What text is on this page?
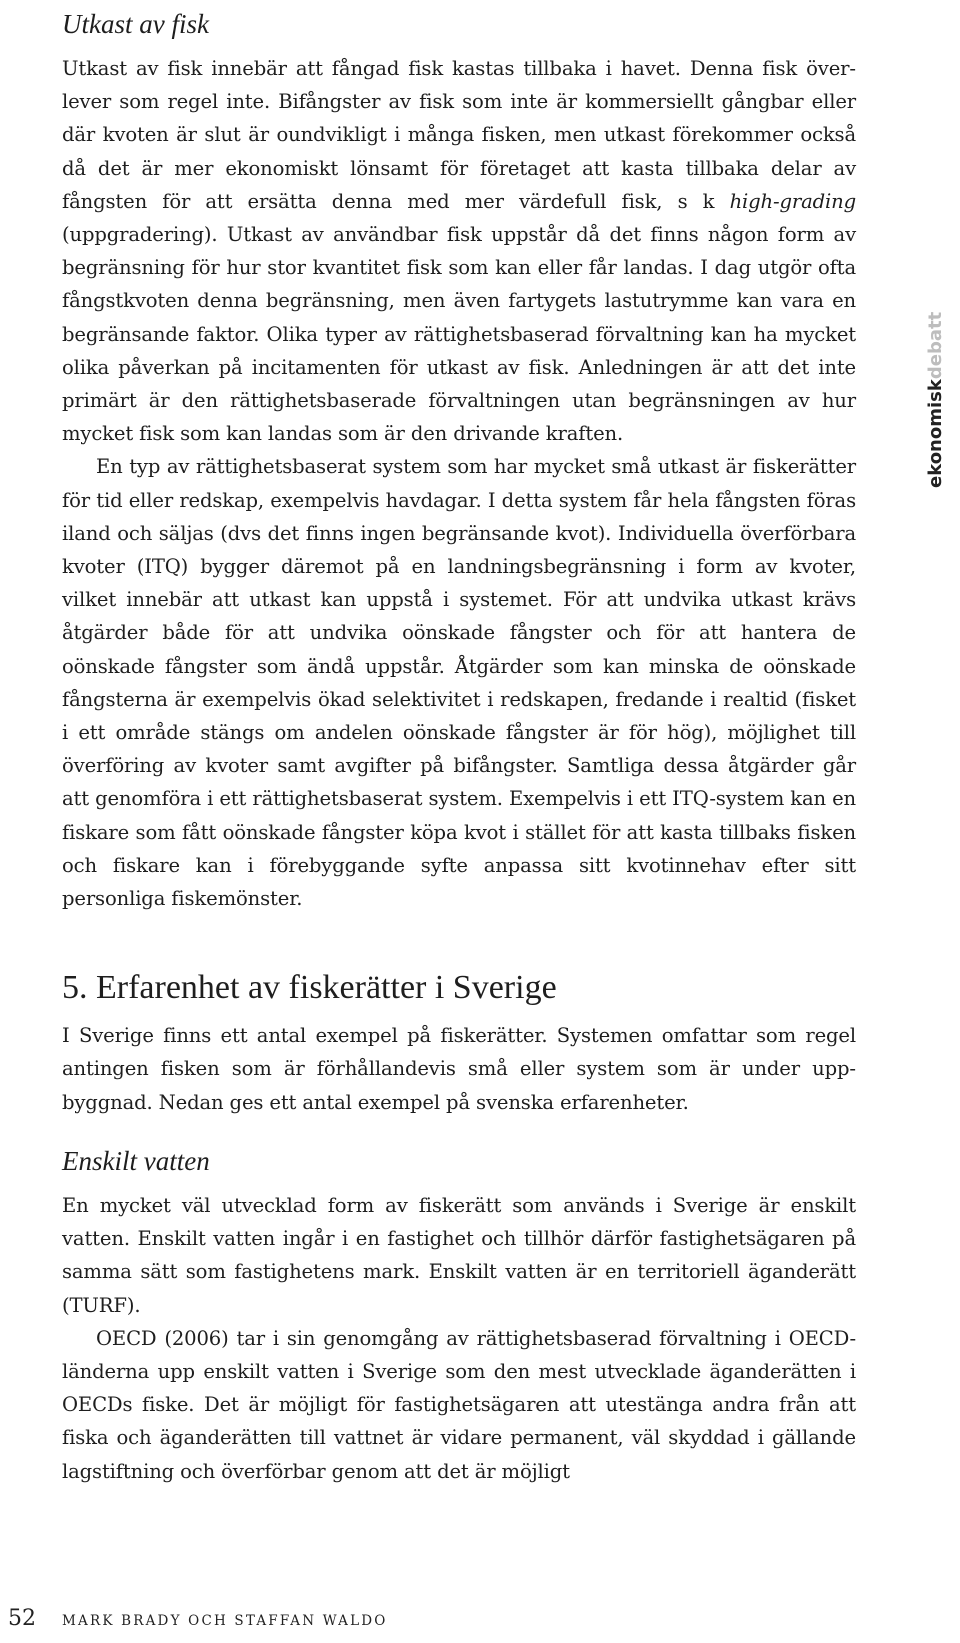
Utkast av fisk

Utkast av fisk innebär att fångad fisk kastas tillbaka i havet. Denna fisk överlever som regel inte. Bifångster av fisk som inte är kommersiellt gångbar eller där kvoten är slut är oundvikligt i många fisken, men utkast förekommer också då det är mer ekonomiskt lönsamt för företaget att kasta tillbaka delar av fångsten för att ersätta denna med mer värdefull fisk, s k high-grading (uppgradering). Utkast av användbar fisk uppstår då det finns någon form av begränsning för hur stor kvantitet fisk som kan eller får landas. I dag utgör ofta fångstkvoten denna begränsning, men även fartygets lastutrymme kan vara en begränsande faktor. Olika typer av rättighetsbaserad förvaltning kan ha mycket olika påverkan på incitamenten för utkast av fisk. Anledningen är att det inte primärt är den rättighetsbaserade förvaltningen utan begränsningen av hur mycket fisk som kan landas som är den drivande kraften.

En typ av rättighetsbaserat system som har mycket små utkast är fiskerätter för tid eller redskap, exempelvis havdagar. I detta system får hela fångsten föras iland och säljas (dvs det finns ingen begränsande kvot). Individuella överförbara kvoter (ITQ) bygger däremot på en landningsbegränsning i form av kvoter, vilket innebär att utkast kan uppstå i systemet. För att undvika utkast krävs åtgärder både för att undvika oönskade fångster och för att hantera de oönskade fångster som ändå uppstår. Åtgärder som kan minska de oönskade fångsterna är exempelvis ökad selektivitet i redskapen, fredande i realtid (fisket i ett område stängs om andelen oönskade fångster är för hög), möjlighet till överföring av kvoter samt avgifter på bifångster. Samtliga dessa åtgärder går att genomföra i ett rättighetsbaserat system. Exempelvis i ett ITQ-system kan en fiskare som fått oönskade fångster köpa kvot i stället för att kasta tillbaks fisken och fiskare kan i förebyggande syfte anpassa sitt kvotinnehav efter sitt personliga fiskemönster.

5. Erfarenhet av fiskerätter i Sverige

I Sverige finns ett antal exempel på fiskerätter. Systemen omfattar som regel antingen fisken som är förhållandevis små eller system som är under uppbyggnad. Nedan ges ett antal exempel på svenska erfarenheter.

Enskilt vatten

En mycket väl utvecklad form av fiskerätt som används i Sverige är enskilt vatten. Enskilt vatten ingår i en fastighet och tillhör därför fastighetsägaren på samma sätt som fastighetens mark. Enskilt vatten är en territoriell äganderätt (TURF).

OECD (2006) tar i sin genomgång av rättighetsbaserad förvaltning i OECD-länderna upp enskilt vatten i Sverige som den mest utvecklade äganderätten i OECDs fiske. Det är möjligt för fastighetsägaren att utestänga andra från att fiska och äganderätten till vattnet är vidare permanent, väl skyddad i gällande lagstiftning och överförbar genom att det är möjligt

ekonomiskdebatt
52 MARK BRADY OCH STAFFAN WALDO
